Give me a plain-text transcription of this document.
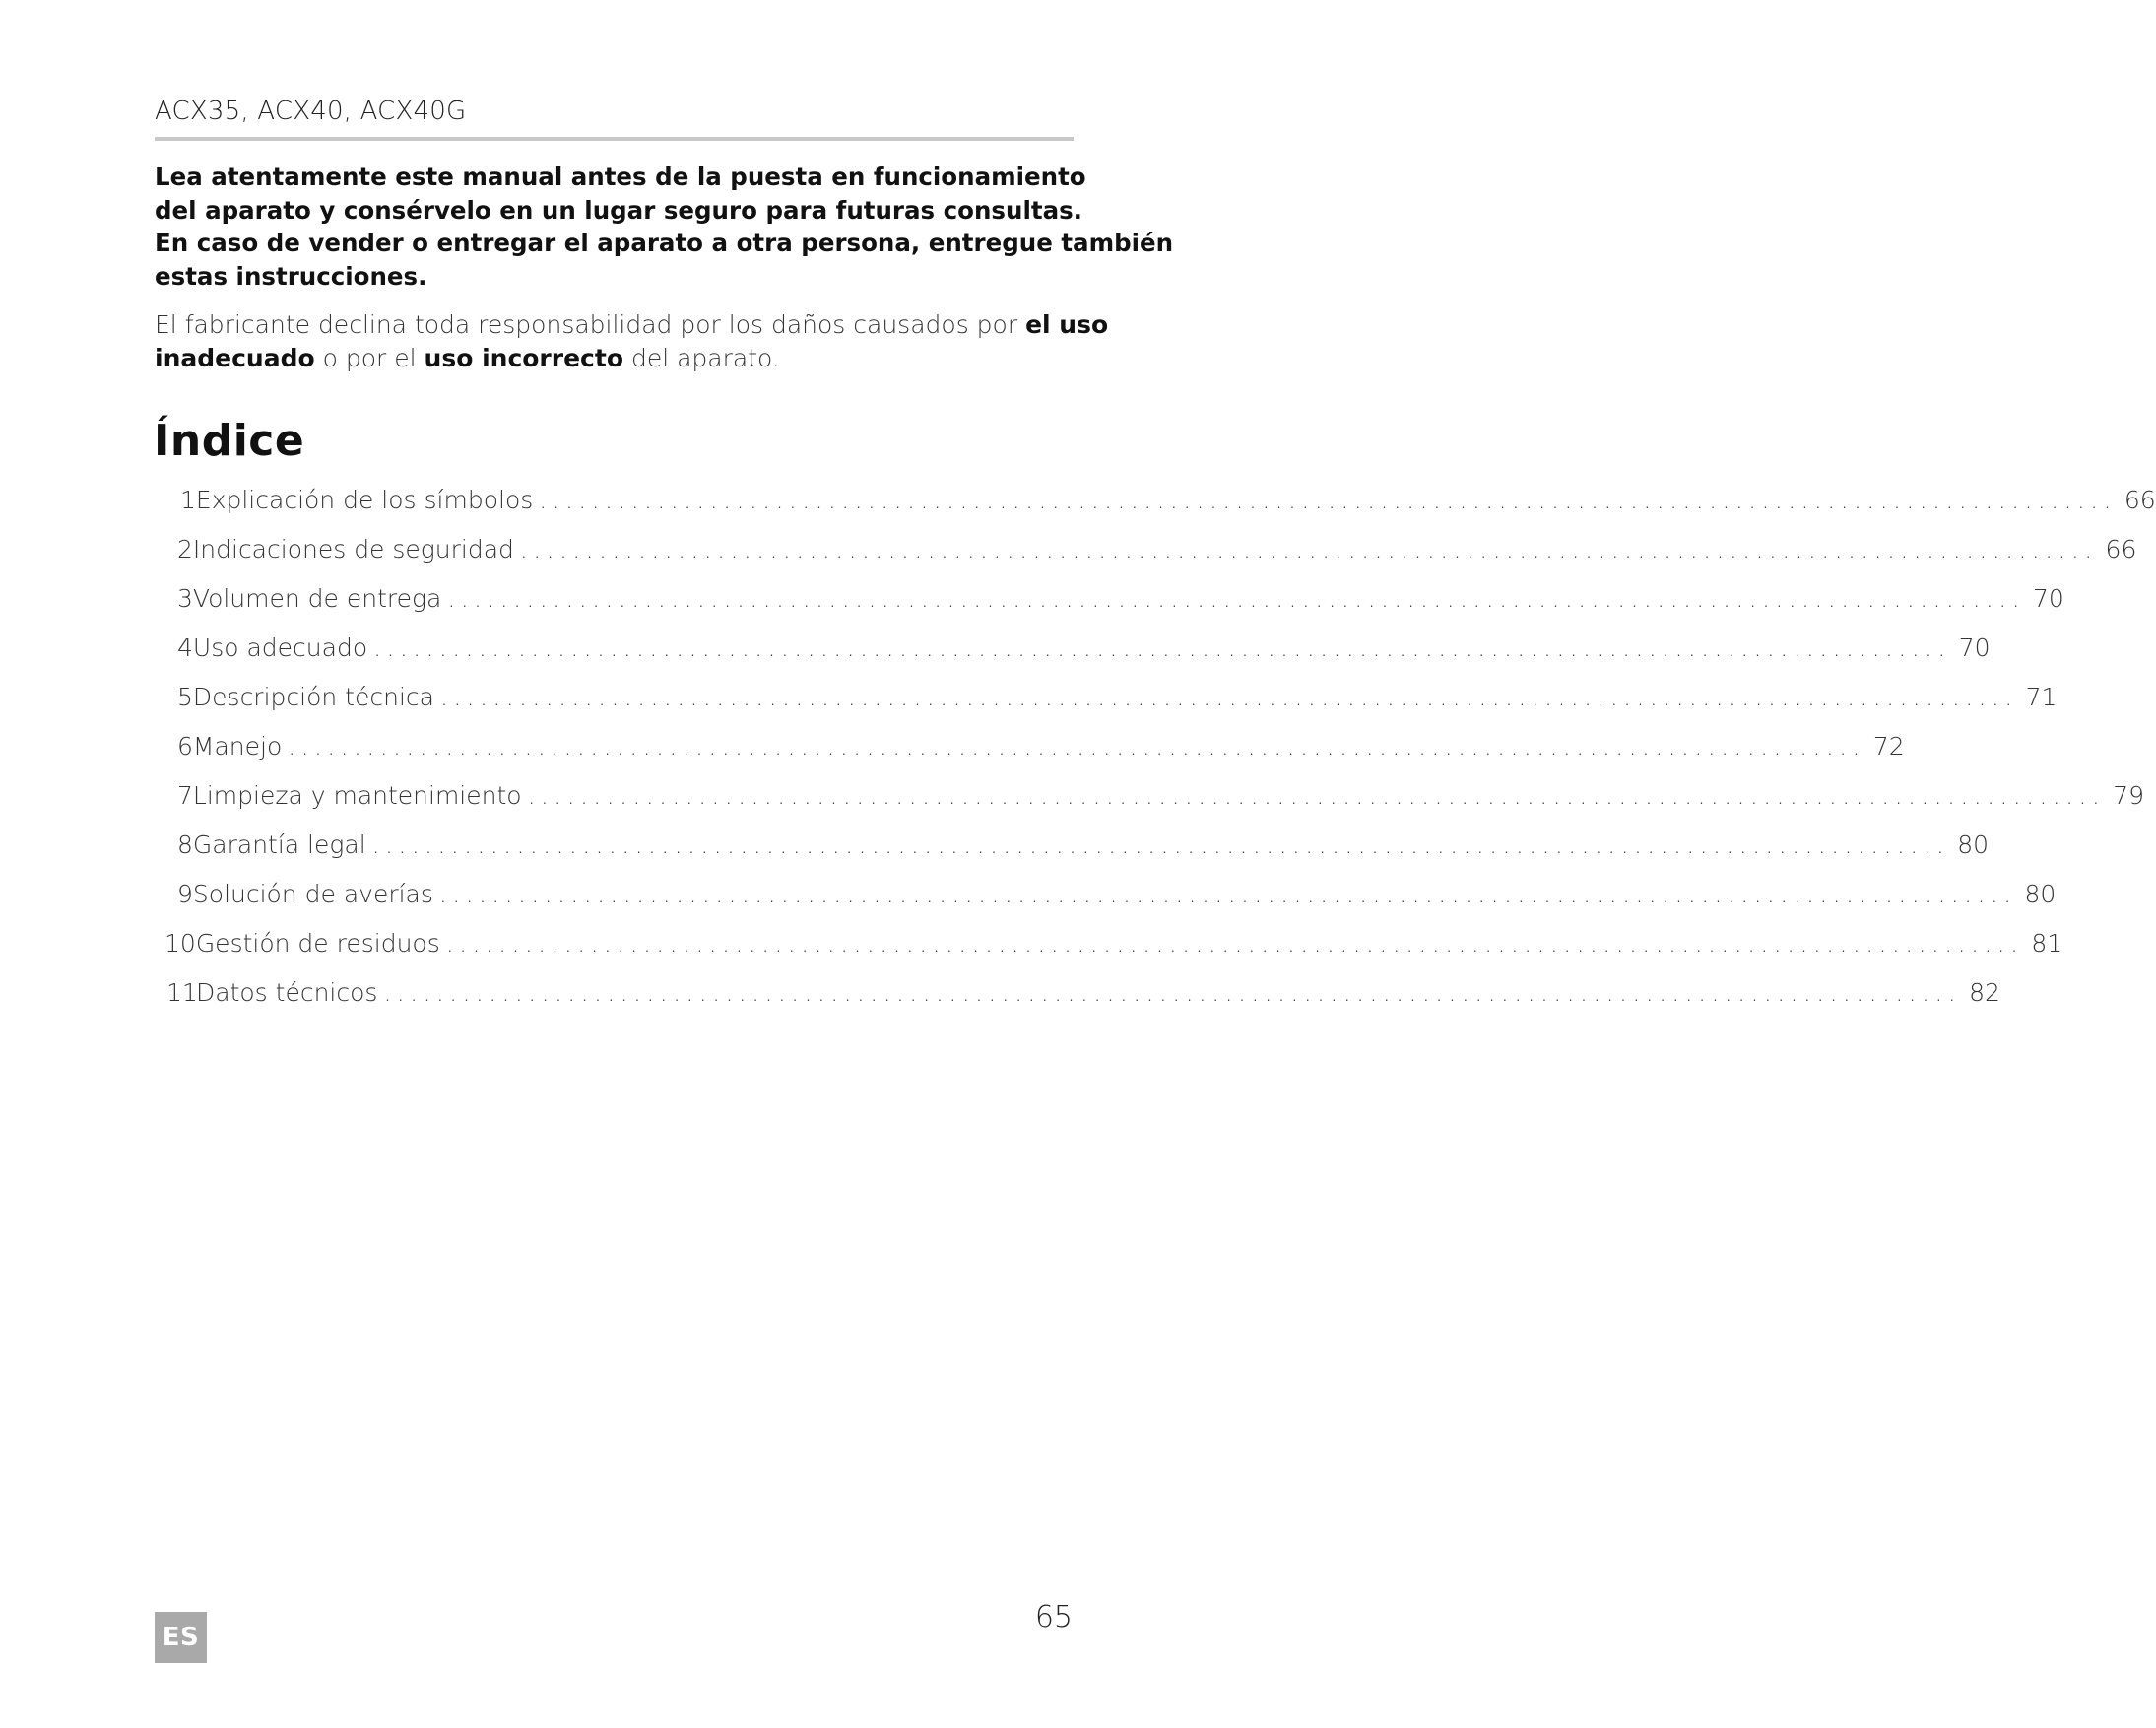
ACX35, ACX40, ACX40G
Lea atentamente este manual antes de la puesta en funcionamiento
del aparato y consérvelo en un lugar seguro para futuras consultas.
En caso de vender o entregar el aparato a otra persona, entregue también
estas instrucciones.
El fabricante declina toda responsabilidad por los daños causados por el uso
inadecuado o por el uso incorrecto del aparato.
Índice
1 Explicación de los símbolos ........................................................................................................................ 66
2 Indicaciones de seguridad ........................................................................................................................ 66
3 Volumen de entrega ........................................................................................................................ 70
4 Uso adecuado ........................................................................................................................ 70
5 Descripción técnica ........................................................................................................................ 71
6 Manejo ........................................................................................................................ 72
7 Limpieza y mantenimiento ........................................................................................................................ 79
8 Garantía legal ........................................................................................................................ 80
9 Solución de averías ........................................................................................................................ 80
10 Gestión de residuos ........................................................................................................................ 81
11
Datos técnicos ........................................................................................................................ 82
ES
65
